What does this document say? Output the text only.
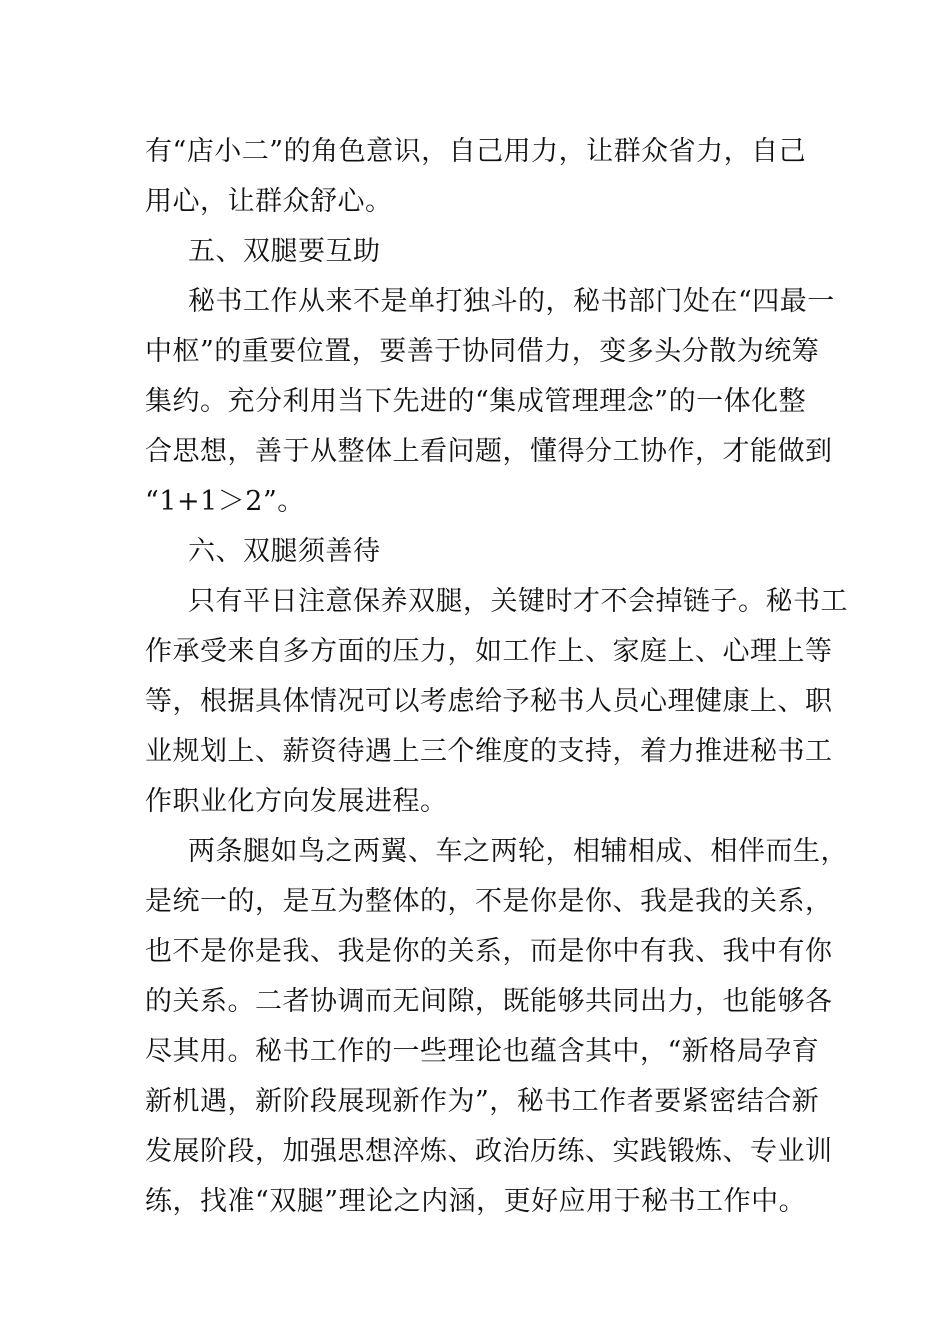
有“店小二”的角色意识，自己用力，让群众省力，自己
用心，让群众舒心。
五、双腿要互助
秘书工作从来不是单打独斗的，秘书部门处在“四最一
中枢”的重要位置，要善于协同借力，变多头分散为统筹
集约。充分利用当下先进的“集成管理理念”的一体化整
合思想，善于从整体上看问题，懂得分工协作，才能做到
“1+1＞2”。
六、双腿须善待
只有平日注意保养双腿，关键时才不会掉链子。秘书工
作承受来自多方面的压力，如工作上、家庭上、心理上等
等，根据具体情况可以考虑给予秘书人员心理健康上、职
业规划上、薪资待遇上三个维度的支持，着力推进秘书工
作职业化方向发展进程。
两条腿如鸟之两翼、车之两轮，相辅相成、相伴而生，
是统一的，是互为整体的，不是你是你、我是我的关系，
也不是你是我、我是你的关系，而是你中有我、我中有你
的关系。二者协调而无间隙，既能够共同出力，也能够各
尽其用。秘书工作的一些理论也蕴含其中，“新格局孕育
新机遇，新阶段展现新作为”，秘书工作者要紧密结合新
发展阶段，加强思想淬炼、政治历练、实践锻炼、专业训
练，找准“双腿”理论之内涵，更好应用于秘书工作中。
